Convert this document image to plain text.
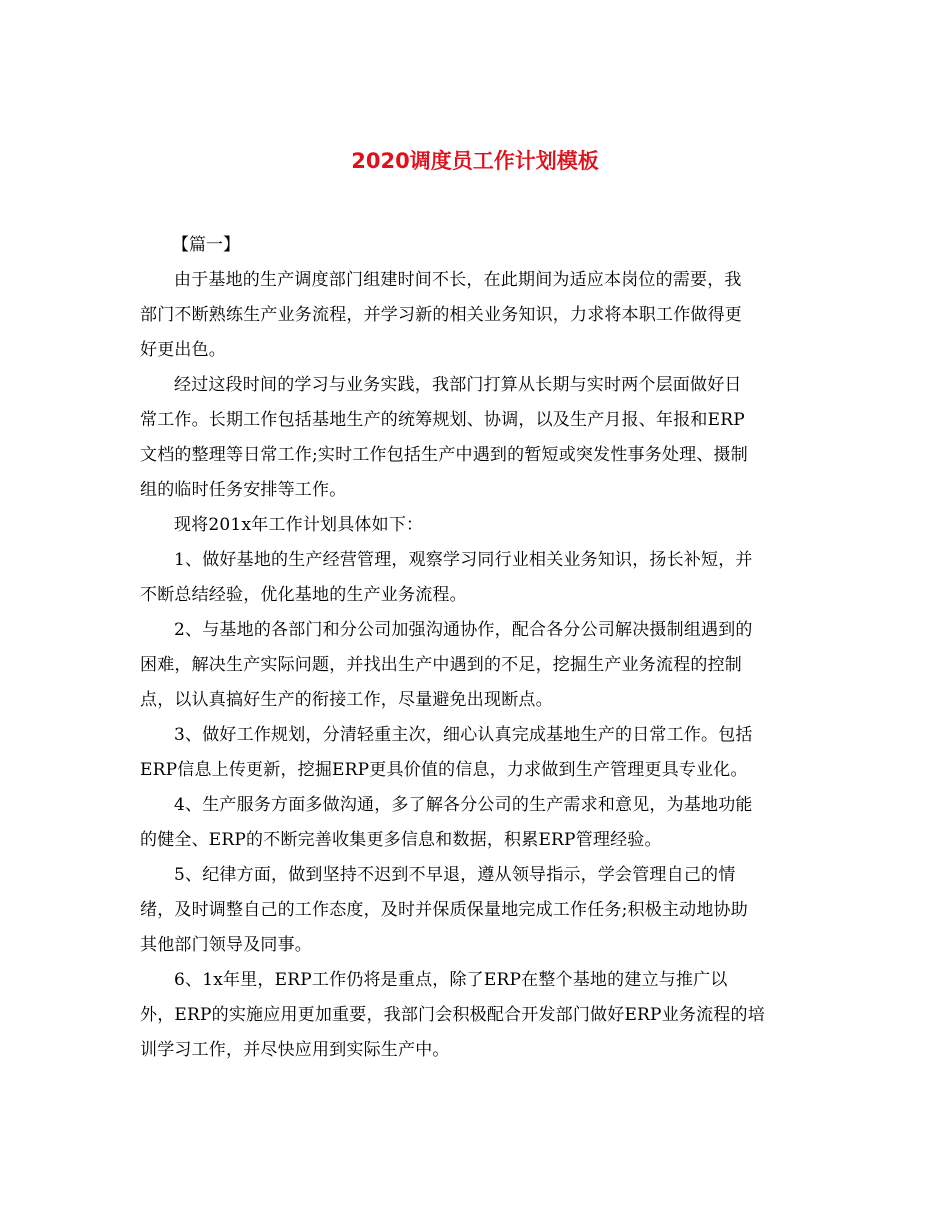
2020调度员工作计划模板
【篇一】

由于基地的生产调度部门组建时间不长，在此期间为适应本岗位的需要，我
部门不断熟练生产业务流程，并学习新的相关业务知识，力求将本职工作做得更
好更出色。

经过这段时间的学习与业务实践，我部门打算从长期与实时两个层面做好日
常工作。长期工作包括基地生产的统筹规划、协调，以及生产月报、年报和ERP
文档的整理等日常工作;实时工作包括生产中遇到的暂短或突发性事务处理、摄制
组的临时任务安排等工作。

现将201x年工作计划具体如下：

1、做好基地的生产经营管理，观察学习同行业相关业务知识，扬长补短，并
不断总结经验，优化基地的生产业务流程。

2、与基地的各部门和分公司加强沟通协作，配合各分公司解决摄制组遇到的
困难，解决生产实际问题，并找出生产中遇到的不足，挖掘生产业务流程的控制
点，以认真搞好生产的衔接工作，尽量避免出现断点。

3、做好工作规划，分清轻重主次，细心认真完成基地生产的日常工作。包括
ERP信息上传更新，挖掘ERP更具价值的信息，力求做到生产管理更具专业化。

4、生产服务方面多做沟通，多了解各分公司的生产需求和意见，为基地功能
的健全、ERP的不断完善收集更多信息和数据，积累ERP管理经验。

5、纪律方面，做到坚持不迟到不早退，遵从领导指示，学会管理自己的情
绪，及时调整自己的工作态度，及时并保质保量地完成工作任务;积极主动地协助
其他部门领导及同事。

6、1x年里，ERP工作仍将是重点，除了ERP在整个基地的建立与推广以
外，ERP的实施应用更加重要，我部门会积极配合开发部门做好ERP业务流程的培
训学习工作，并尽快应用到实际生产中。
